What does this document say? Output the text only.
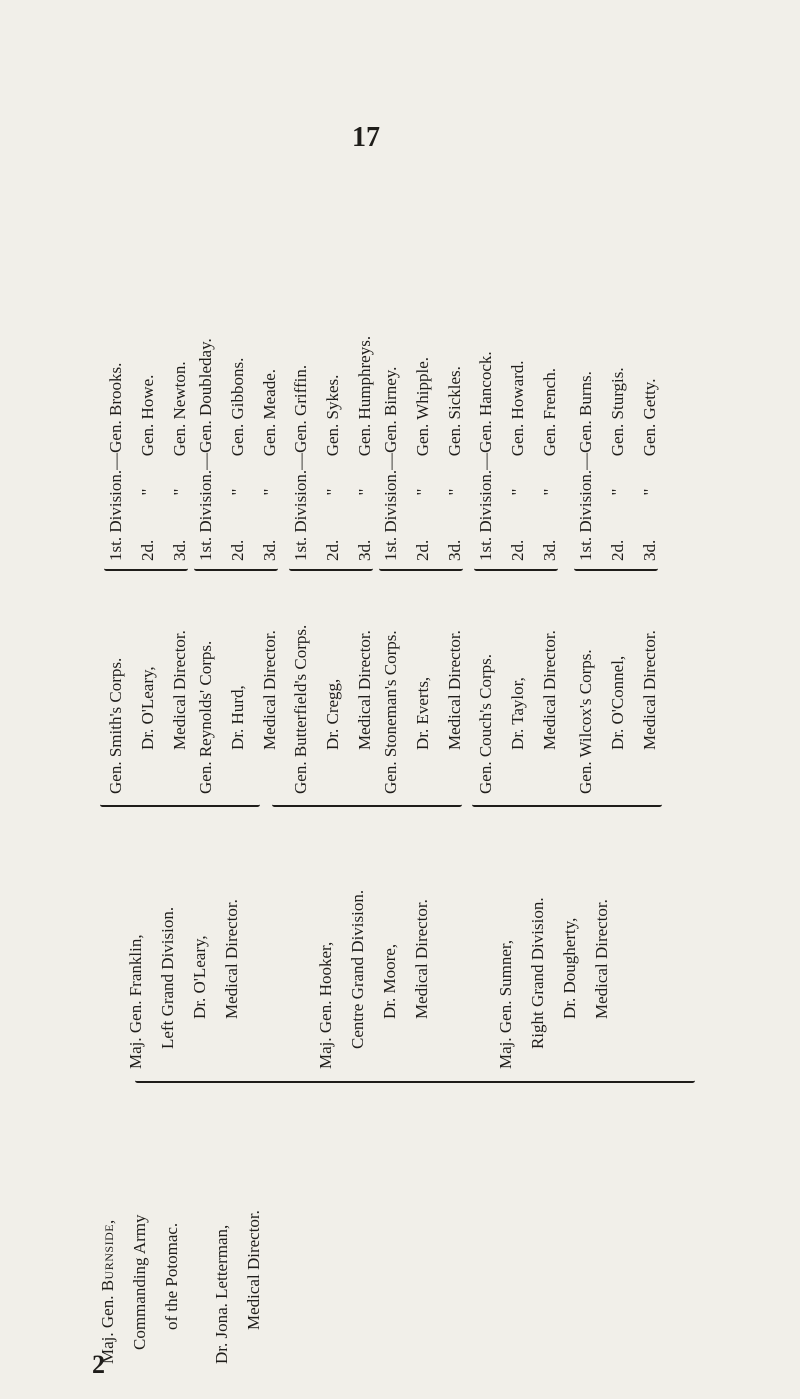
17
2
Maj. Gen. Burnside, Commanding Army of the Potomac.	Dr. Jona. Letterman, Medical Director.
Maj. Gen. Franklin, Left Grand Division. Dr. O'Leary, Medical Director.	Maj. Gen. Hooker, Centre Grand Division. Dr. Moore, Medical Director.	Maj. Gen. Sumner, Right Grand Division. Dr. Dougherty, Medical Director.
Gen. Smith's Corps. Dr. O'Leary, Medical Director. Gen. Reynolds' Corps. Dr. Hurd, Medical Director. Gen. Butterfield's Corps. Dr. Cregg, Medical Director. Gen. Stoneman's Corps. Dr. Everts, Medical Director. Gen. Couch's Corps. Dr. Taylor, Medical Director.	Gen. Wilcox's Corps. Dr. O'Connel, Medical Director.
1st. Division.—Gen. Brooks.
2d. " Gen. Howe.
3d. " Gen. Newton.
1st. Division.—Gen. Doubleday.
2d. " Gen. Gibbons.
3d. " Gen. Meade.
1st. Division.—Gen. Griffin.
2d. " Gen. Sykes.
3d. " Gen. Humphreys.
1st. Division.—Gen. Birney.
2d. " Gen. Whipple.
3d. " Gen. Sickles.
1st. Division.—Gen. Hancock.
2d. " Gen. Howard.
3d. " Gen. French.
1st. Division.—Gen. Burns.
2d. " Gen. Sturgis.
3d. " Gen. Getty.
